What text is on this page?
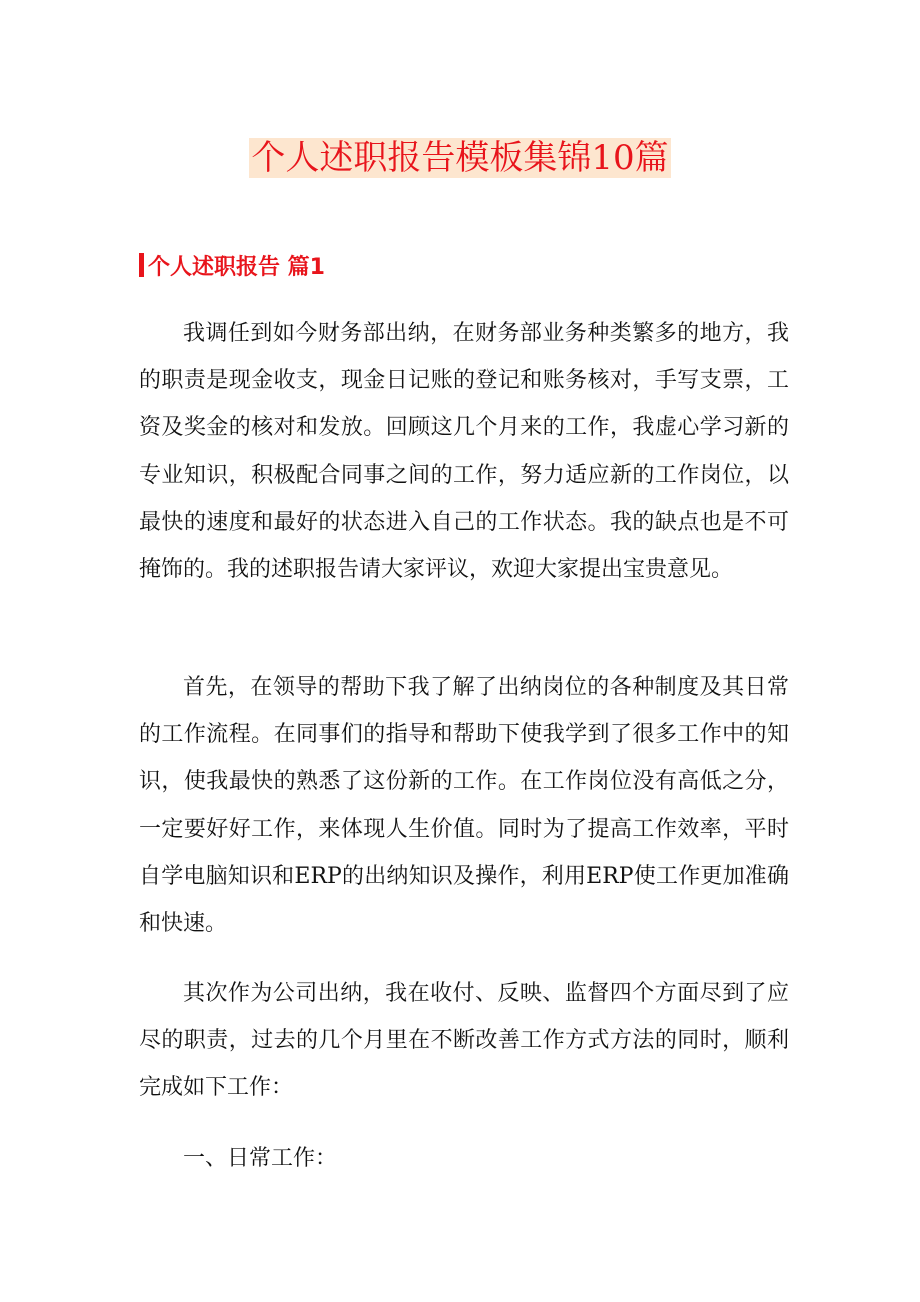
个人述职报告模板集锦10篇
个人述职报告 篇1

我调任到如今财务部出纳，在财务部业务种类繁多的地方，我的职责是现金收支，现金日记账的登记和账务核对，手写支票，工资及奖金的核对和发放。回顾这几个月来的工作，我虚心学习新的专业知识，积极配合同事之间的工作，努力适应新的工作岗位，以最快的速度和最好的状态进入自己的工作状态。我的缺点也是不可掩饰的。我的述职报告请大家评议，欢迎大家提出宝贵意见。

首先，在领导的帮助下我了解了出纳岗位的各种制度及其日常的工作流程。在同事们的指导和帮助下使我学到了很多工作中的知识，使我最快的熟悉了这份新的工作。在工作岗位没有高低之分，一定要好好工作，来体现人生价值。同时为了提高工作效率，平时自学电脑知识和ERP的出纳知识及操作，利用ERP使工作更加准确和快速。

其次作为公司出纳，我在收付、反映、监督四个方面尽到了应尽的职责，过去的几个月里在不断改善工作方式方法的同时，顺利完成如下工作：

一、日常工作：
